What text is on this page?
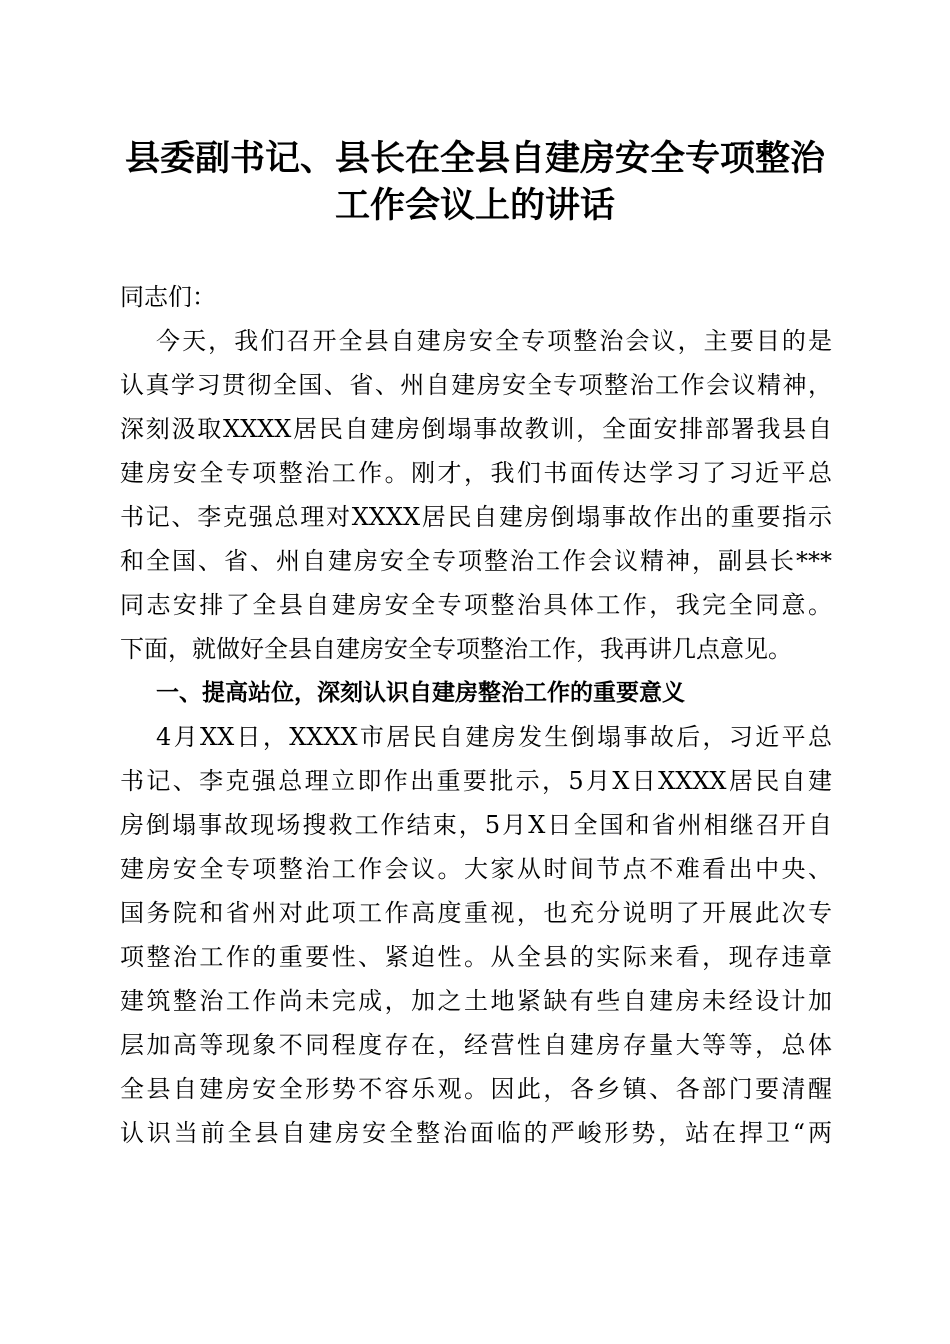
县委副书记、县长在全县自建房安全专项整治
工作会议上的讲话
同志们：
今天，我们召开全县自建房安全专项整治会议，主要目的是
认真学习贯彻全国、省、州自建房安全专项整治工作会议精神，
深刻汲取XXXX居民自建房倒塌事故教训，全面安排部署我县自
建房安全专项整治工作。刚才，我们书面传达学习了习近平总
书记、李克强总理对XXXX居民自建房倒塌事故作出的重要指示
和全国、省、州自建房安全专项整治工作会议精神，副县长***
同志安排了全县自建房安全专项整治具体工作，我完全同意。
下面，就做好全县自建房安全专项整治工作，我再讲几点意见。
一、提高站位，深刻认识自建房整治工作的重要意义
4月XX日，XXXX市居民自建房发生倒塌事故后，习近平总
书记、李克强总理立即作出重要批示，5月X日XXXX居民自建
房倒塌事故现场搜救工作结束，5月X日全国和省州相继召开自
建房安全专项整治工作会议。大家从时间节点不难看出中央、
国务院和省州对此项工作高度重视，也充分说明了开展此次专
项整治工作的重要性、紧迫性。从全县的实际来看，现存违章
建筑整治工作尚未完成，加之土地紧缺有些自建房未经设计加
层加高等现象不同程度存在，经营性自建房存量大等等，总体
全县自建房安全形势不容乐观。因此，各乡镇、各部门要清醒
认识当前全县自建房安全整治面临的严峻形势，站在捍卫“两
